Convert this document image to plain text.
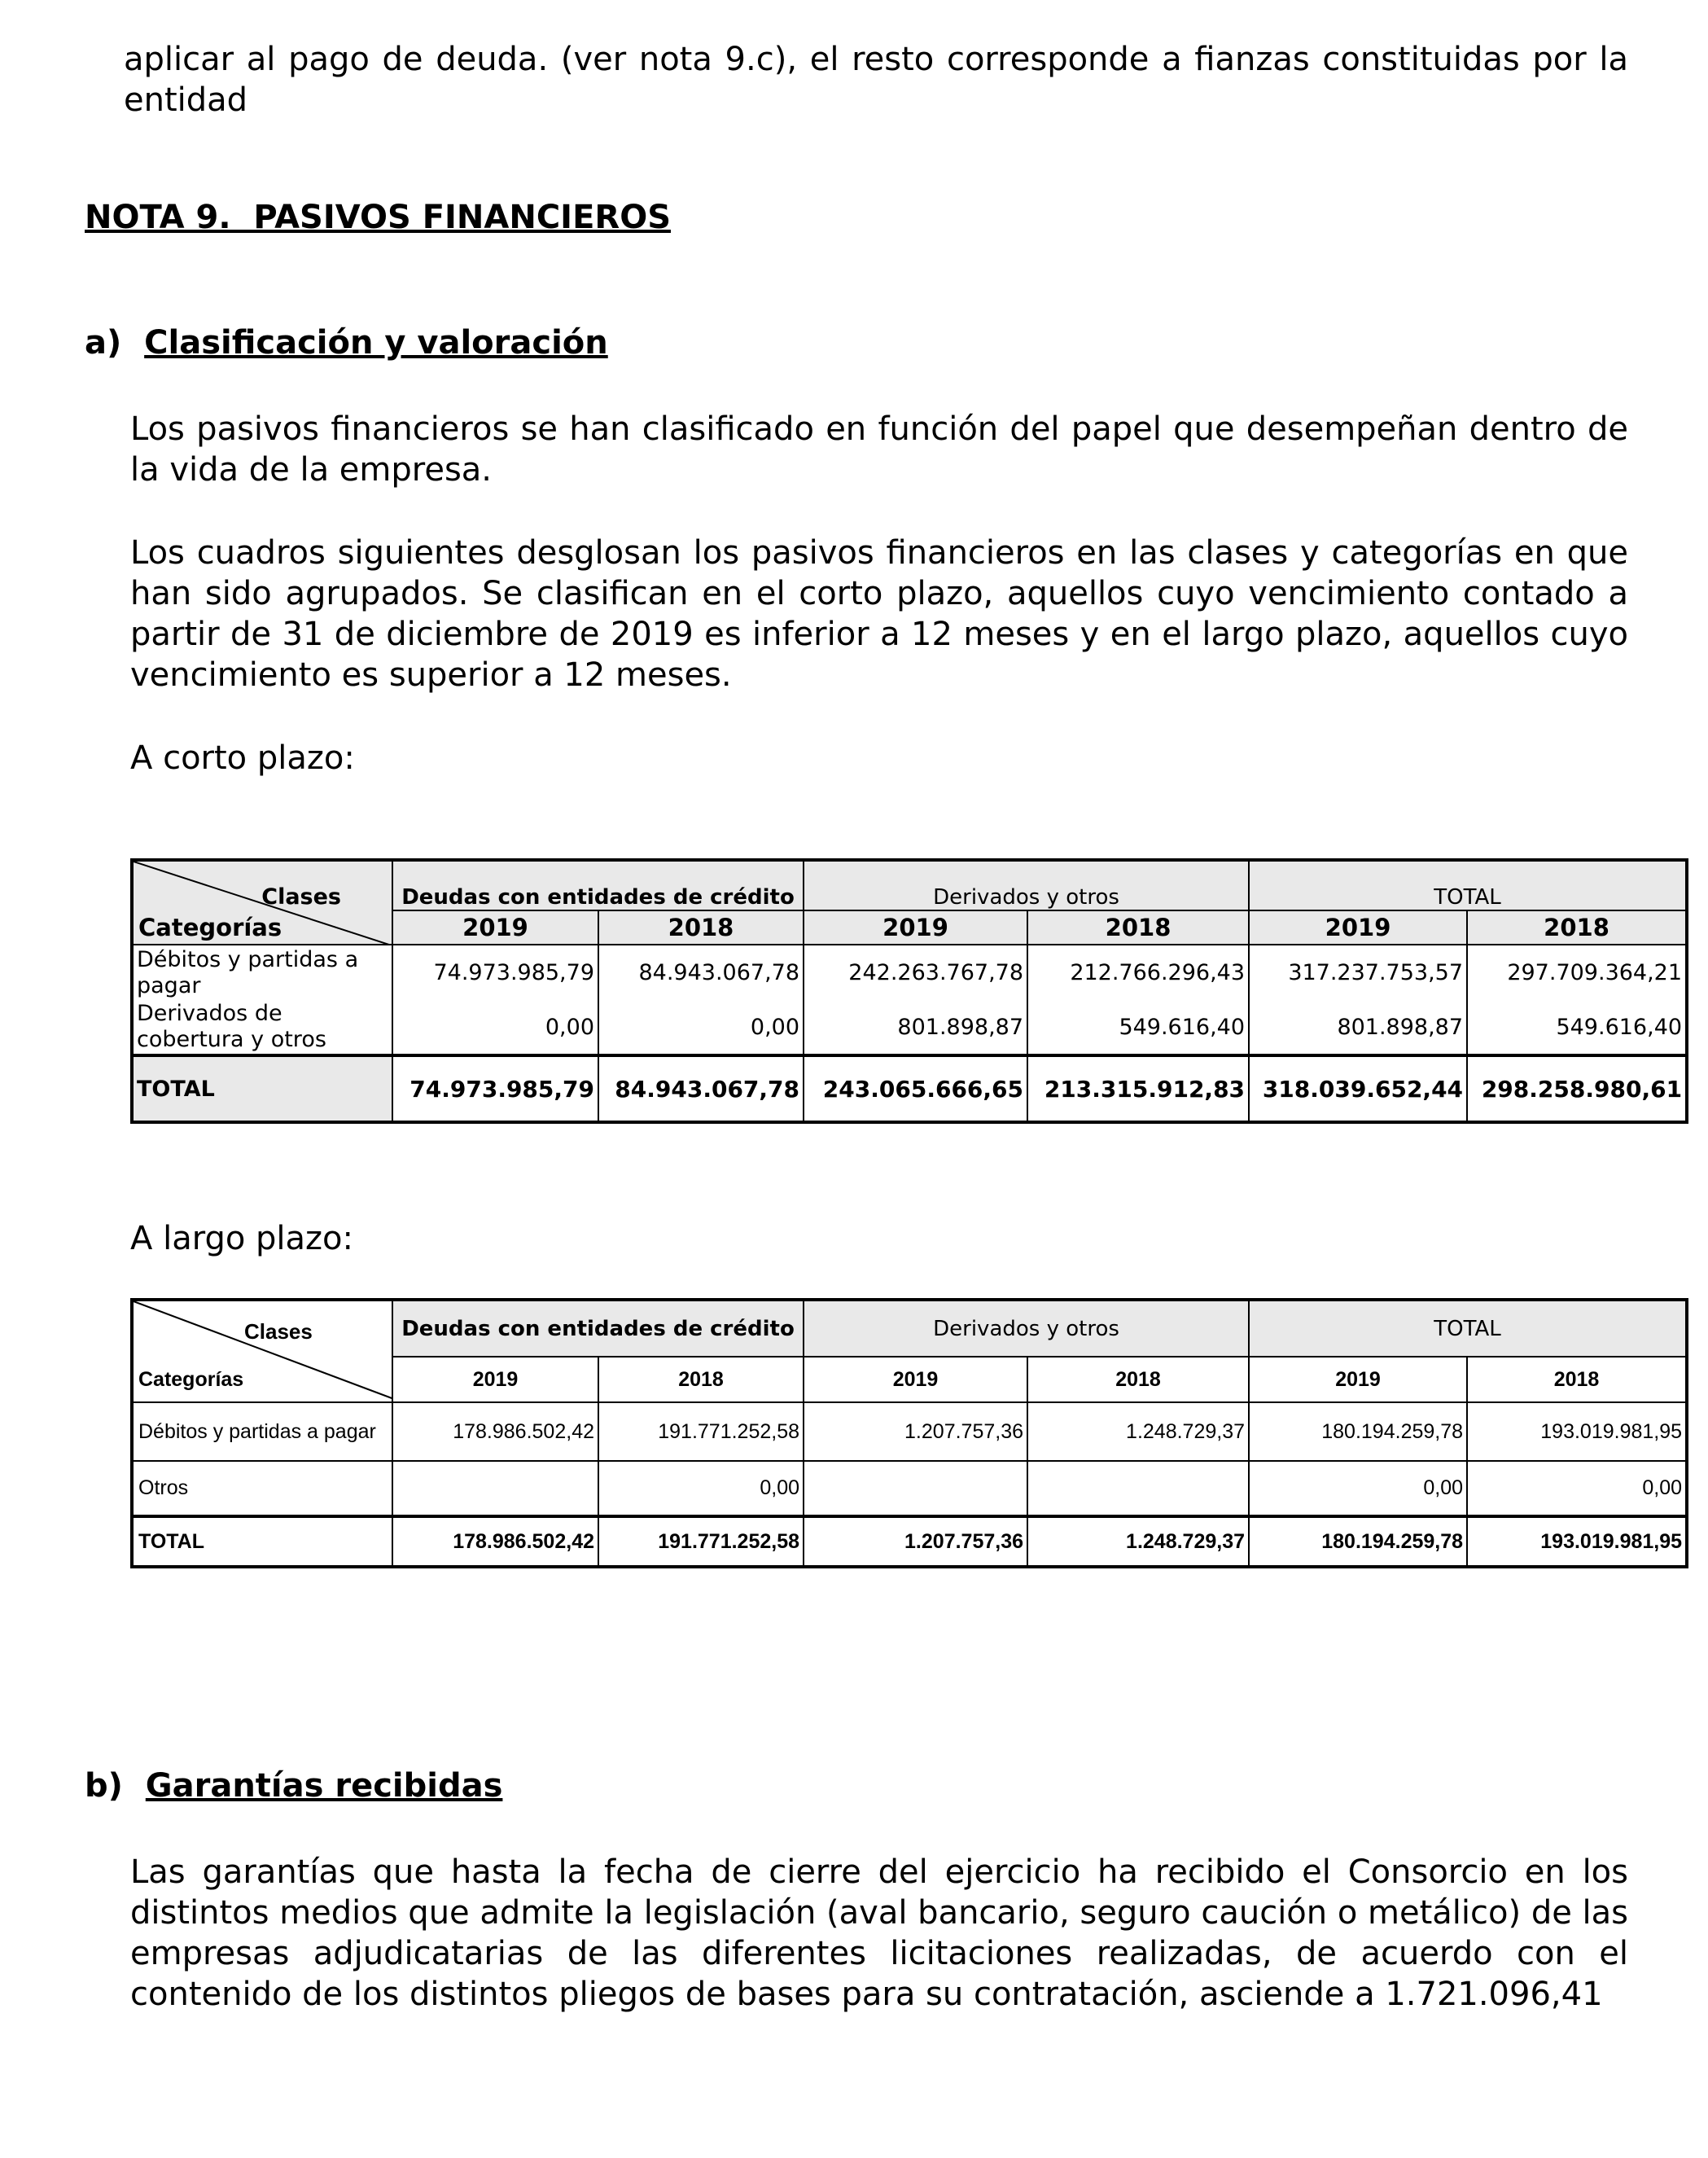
aplicar al pago de deuda. (ver nota 9.c), el resto corresponde a fianzas constituidas por la entidad

NOTA 9.  PASIVOS FINANCIEROS
a) Clasificación y valoración

Los pasivos financieros se han clasificado en función del papel que desempeñan dentro de la vida de la empresa.

Los cuadros siguientes desglosan los pasivos financieros en las clases y categorías en que han sido agrupados. Se clasifican en el corto plazo, aquellos cuyo vencimiento contado a partir de 31 de diciembre de 2019 es inferior a 12 meses y en el largo plazo, aquellos cuyo vencimiento es superior a 12 meses.

A corto plazo:

Clases
Categorías	Deudas con entidades de crédito		Derivados y otros		TOTAL	
	2019	2018	2019	2018	2019	2018
Débitos y partidas a pagar	74.973.985,79	84.943.067,78	242.263.767,78	212.766.296,43	317.237.753,57	297.709.364,21
Derivados de cobertura y otros	0,00	0,00	801.898,87	549.616,40	801.898,87	549.616,40
TOTAL	74.973.985,79	84.943.067,78	243.065.666,65	213.315.912,83	318.039.652,44	298.258.980,61

A largo plazo:

Clases
Categorías	Deudas con entidades de crédito		Derivados y otros		TOTAL	
	2019	2018	2019	2018	2019	2018
Débitos y partidas a pagar	178.986.502,42	191.771.252,58	1.207.757,36	1.248.729,37	180.194.259,78	193.019.981,95
Otros		0,00			0,00	0,00
TOTAL	178.986.502,42	191.771.252,58	1.207.757,36	1.248.729,37	180.194.259,78	193.019.981,95
b) Garantías recibidas

Las garantías que hasta la fecha de cierre del ejercicio ha recibido el Consorcio en los distintos medios que admite la legislación (aval bancario, seguro caución o metálico) de las empresas adjudicatarias de las diferentes licitaciones realizadas, de acuerdo con el contenido de los distintos pliegos de bases para su contratación, asciende a 1.721.096,41
